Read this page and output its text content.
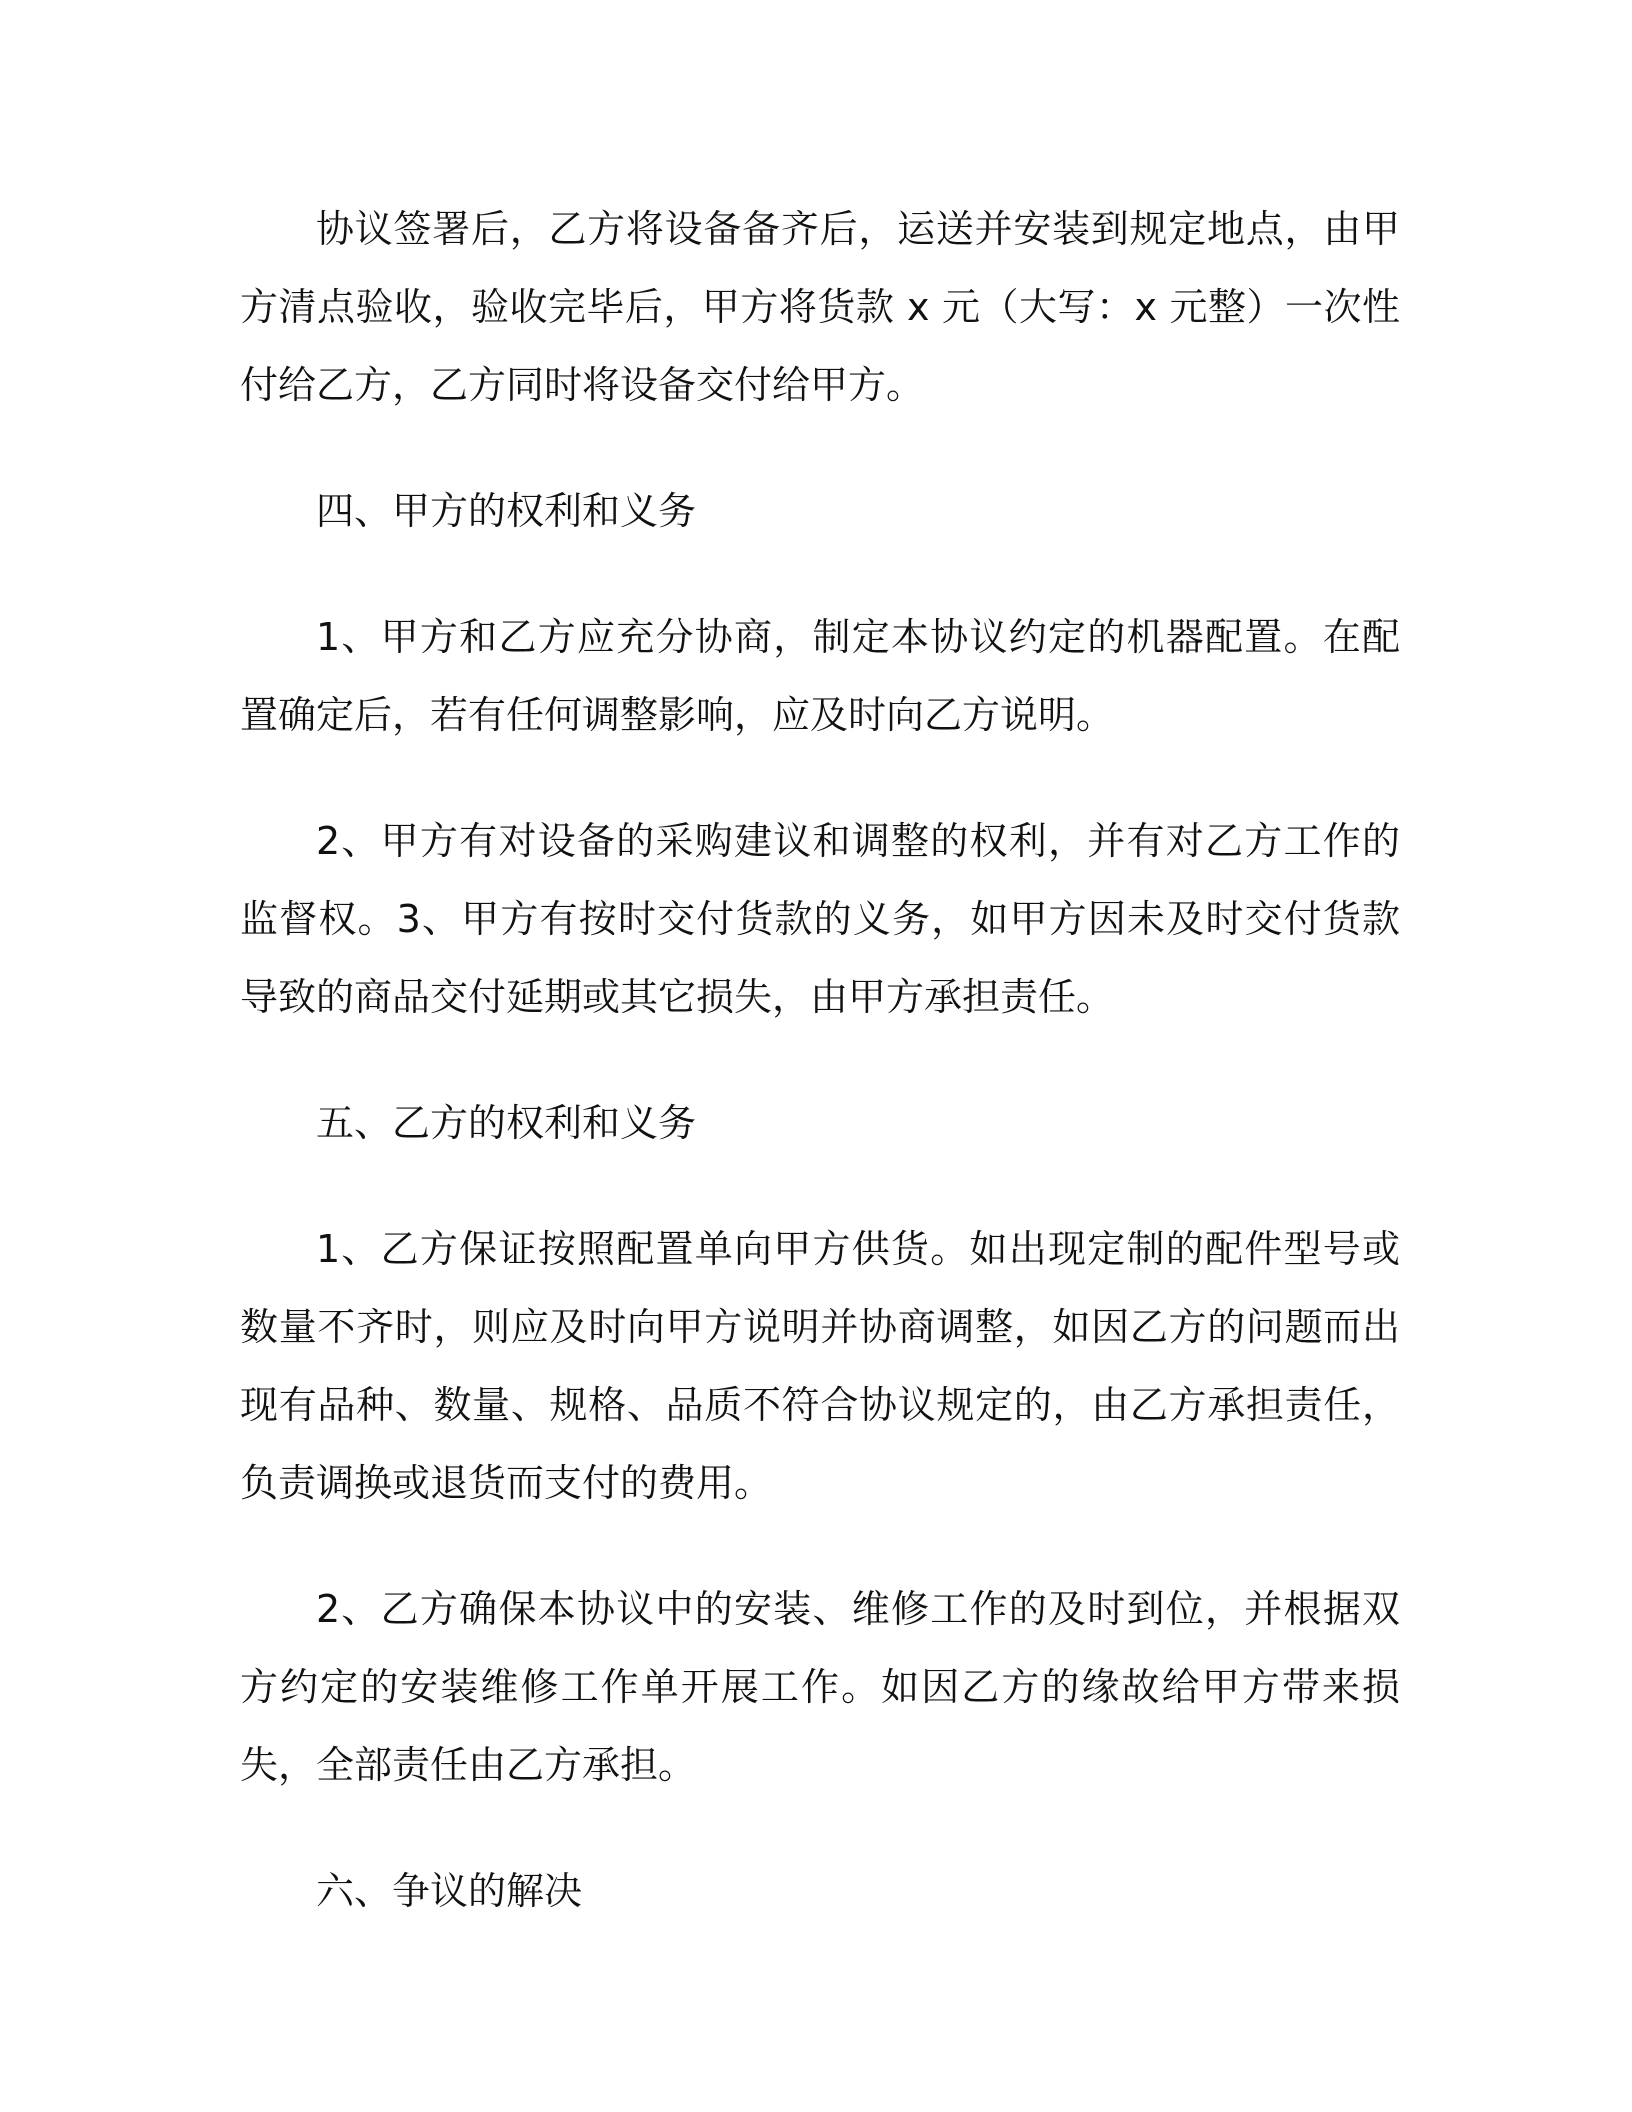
协议签署后，乙方将设备备齐后，运送并安装到规定地点，由甲方清点验收，验收完毕后，甲方将货款 x 元（大写：x 元整）一次性付给乙方，乙方同时将设备交付给甲方。

四、甲方的权利和义务

1、甲方和乙方应充分协商，制定本协议约定的机器配置。在配置确定后，若有任何调整影响，应及时向乙方说明。

2、甲方有对设备的采购建议和调整的权利，并有对乙方工作的监督权。3、甲方有按时交付货款的义务，如甲方因未及时交付货款导致的商品交付延期或其它损失，由甲方承担责任。

五、乙方的权利和义务

1、乙方保证按照配置单向甲方供货。如出现定制的配件型号或数量不齐时，则应及时向甲方说明并协商调整，如因乙方的问题而出现有品种、数量、规格、品质不符合协议规定的，由乙方承担责任，负责调换或退货而支付的费用。

2、乙方确保本协议中的安装、维修工作的及时到位，并根据双方约定的安装维修工作单开展工作。如因乙方的缘故给甲方带来损失，全部责任由乙方承担。

六、争议的解决
